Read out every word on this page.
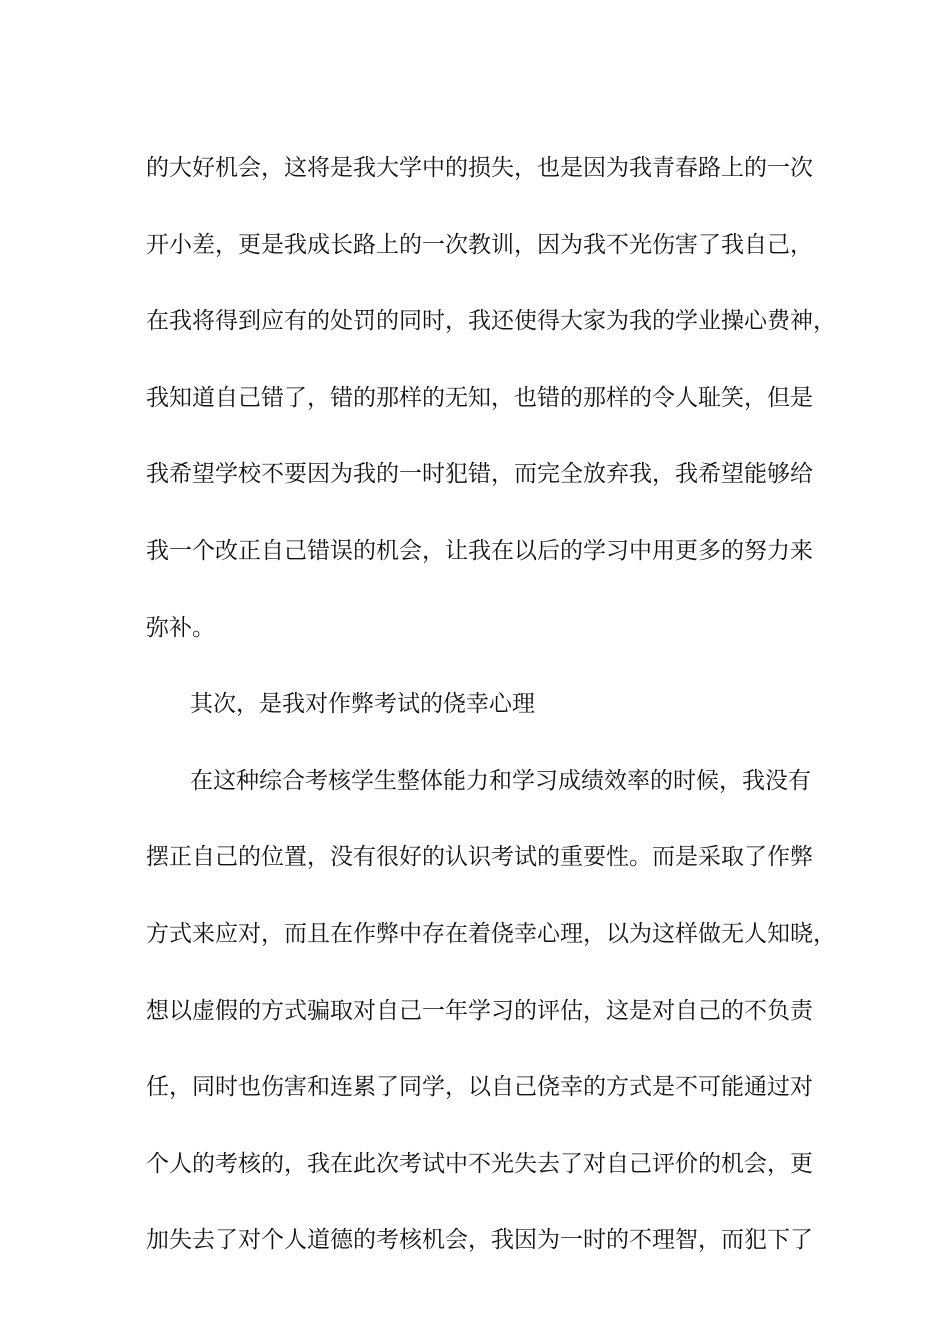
的大好机会，这将是我大学中的损失，也是因为我青春路上的一次
开小差，更是我成长路上的一次教训，因为我不光伤害了我自己，
在我将得到应有的处罚的同时，我还使得大家为我的学业操心费神，
我知道自己错了，错的那样的无知，也错的那样的令人耻笑，但是
我希望学校不要因为我的一时犯错，而完全放弃我，我希望能够给
我一个改正自己错误的机会，让我在以后的学习中用更多的努力来
弥补。
其次，是我对作弊考试的侥幸心理
在这种综合考核学生整体能力和学习成绩效率的时候，我没有
摆正自己的位置，没有很好的认识考试的重要性。而是采取了作弊
方式来应对，而且在作弊中存在着侥幸心理，以为这样做无人知晓，
想以虚假的方式骗取对自己一年学习的评估，这是对自己的不负责
任，同时也伤害和连累了同学，以自己侥幸的方式是不可能通过对
个人的考核的，我在此次考试中不光失去了对自己评价的机会，更
加失去了对个人道德的考核机会，我因为一时的不理智，而犯下了
